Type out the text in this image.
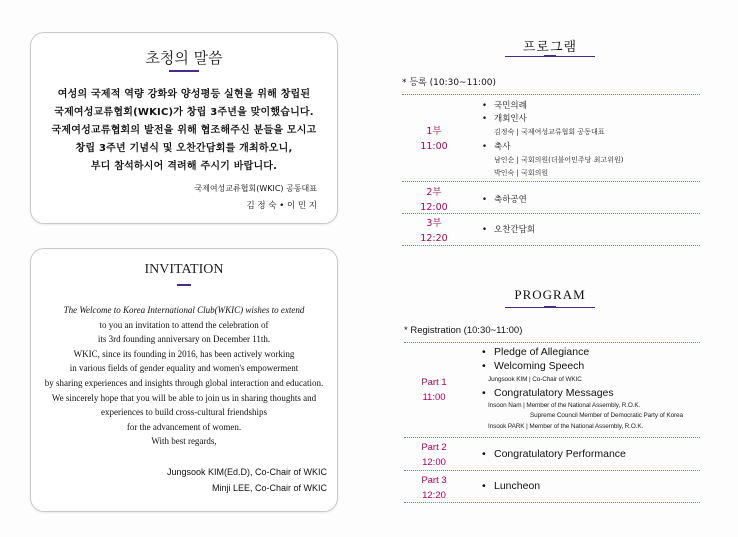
초청의 말씀
여성의 국제적 역량 강화와 양성평등 실현을 위해 창립된
국제여성교류협회(WKIC)가 창립 3주년을 맞이했습니다.
국제여성교류협회의 발전을 위해 협조해주신 분들을 모시고
창립 3주년 기념식 및 오찬간담회를 개최하오니,
부디 참석하시어 격려해 주시기 바랍니다.
국제여성교류협회(WKIC) 공동대표
김 정 숙 • 이 민 지
INVITATION
The Welcome to Korea International Club(WKIC) wishes to extend
to you an invitation to attend the celebration of
its 3rd founding anniversary on December 11th.
WKIC, since its founding in 2016, has been actively working
in various fields of gender equality and women's empowerment
by sharing experiences and insights through global interaction and education.
We sincerely hope that you will be able to join us in sharing thoughts and
experiences to build cross-cultural friendships
for the advancement of women.
With best regards,
Jungsook KIM(Ed.D), Co-Chair of WKIC
Minji LEE, Co-Chair of WKIC
프로그램
* 등록 (10:30~11:00)
1부
11:00
• 국민의례
• 개회인사
김정숙 | 국제여성교류협회 공동대표
• 축사
남인순 | 국회의원(더불어민주당 최고위원)
박인숙 | 국회의원
2부
12:00
• 축하공연
3부
12:20
• 오찬간담회
PROGRAM
* Registration (10:30~11:00)
Part 1
11:00
• Pledge of Allegiance
• Welcoming Speech
Jungsook KIM | Co-Chair of WKIC
• Congratulatory Messages
Insoon Nam | Member of the National Assembly, R.O.K.
Supreme Council Member of Democratic Party of Korea
Insook PARK | Member of the National Assembly, R.O.K.
Part 2
12:00
• Congratulatory Performance
Part 3
12:20
• Luncheon
